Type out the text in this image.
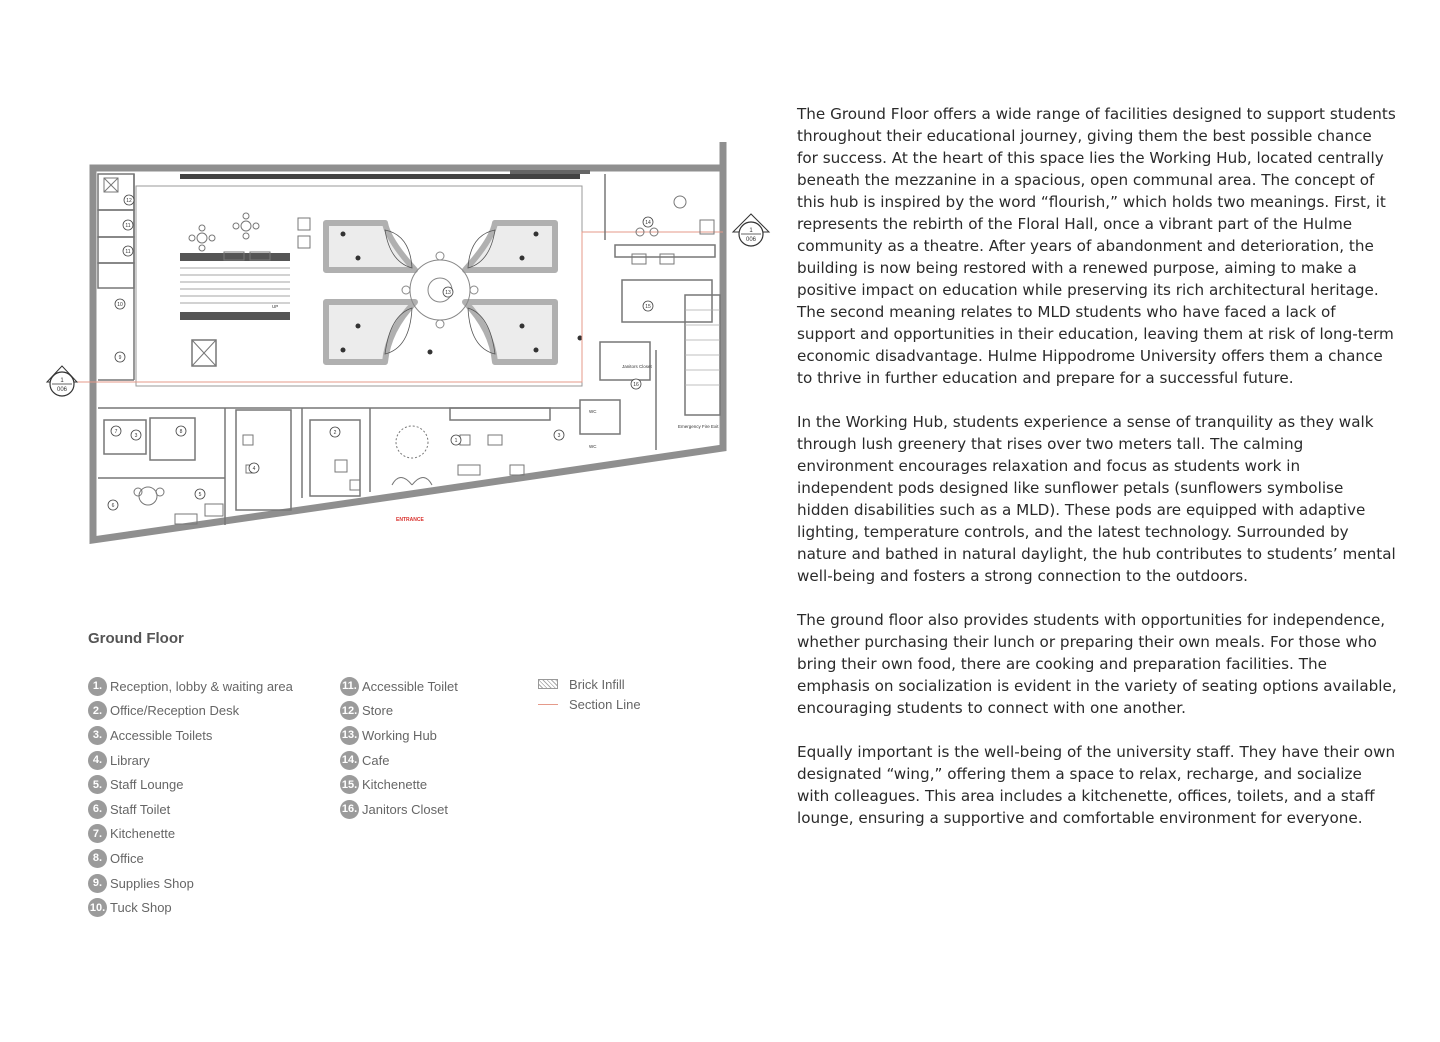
1
006
1
006
Janitors Closet
WC
WC
Emergency Fire Exit
UP
ENTRANCE
12
11
11
10
9
13
14
15
16
7
3
4
2
1
3
8
6
5
Ground Floor
1. Reception, lobby & waiting area
2. Office/Reception Desk
3. Accessible Toilets
4. Library
5. Staff Lounge
6. Staff Toilet
7. Kitchenette
8. Office
9. Supplies Shop
10. Tuck Shop
11. Accessible Toilet
12. Store
13. Working Hub
14. Cafe
15. Kitchenette
16. Janitors Closet
Brick Infill
Section Line

The Ground Floor offers a wide range of facilities designed to support students throughout their educational journey, giving them the best possible chance for success. At the heart of this space lies the Working Hub, located centrally beneath the mezzanine in a spacious, open communal area. The concept of this hub is inspired by the word “flourish,” which holds two meanings. First, it represents the rebirth of the Floral Hall, once a vibrant part of the Hulme community as a theatre. After years of abandonment and deterioration, the building is now being restored with a renewed purpose, aiming to make a positive impact on education while preserving its rich architectural heritage. The second meaning relates to MLD students who have faced a lack of support and opportunities in their education, leaving them at risk of long-term economic disadvantage. Hulme Hippodrome University offers them a chance to thrive in further education and prepare for a successful future.

In the Working Hub, students experience a sense of tranquility as they walk through lush greenery that rises over two meters tall. The calming environment encourages relaxation and focus as students work in independent pods designed like sunflower petals (sunflowers symbolise hidden disabilities such as a MLD). These pods are equipped with adaptive lighting, temperature controls, and the latest technology. Surrounded by nature and bathed in natural daylight, the hub contributes to students’ mental well-being and fosters a strong connection to the outdoors.

The ground floor also provides students with opportunities for independence, whether purchasing their lunch or preparing their own meals. For those who bring their own food, there are cooking and preparation facilities. The emphasis on socialization is evident in the variety of seating options available, encouraging students to connect with one another.

Equally important is the well-being of the university staff. They have their own designated “wing,” offering them a space to relax, recharge, and socialize with colleagues. This area includes a kitchenette, offices, toilets, and a staff lounge, ensuring a supportive and comfortable environment for everyone.
